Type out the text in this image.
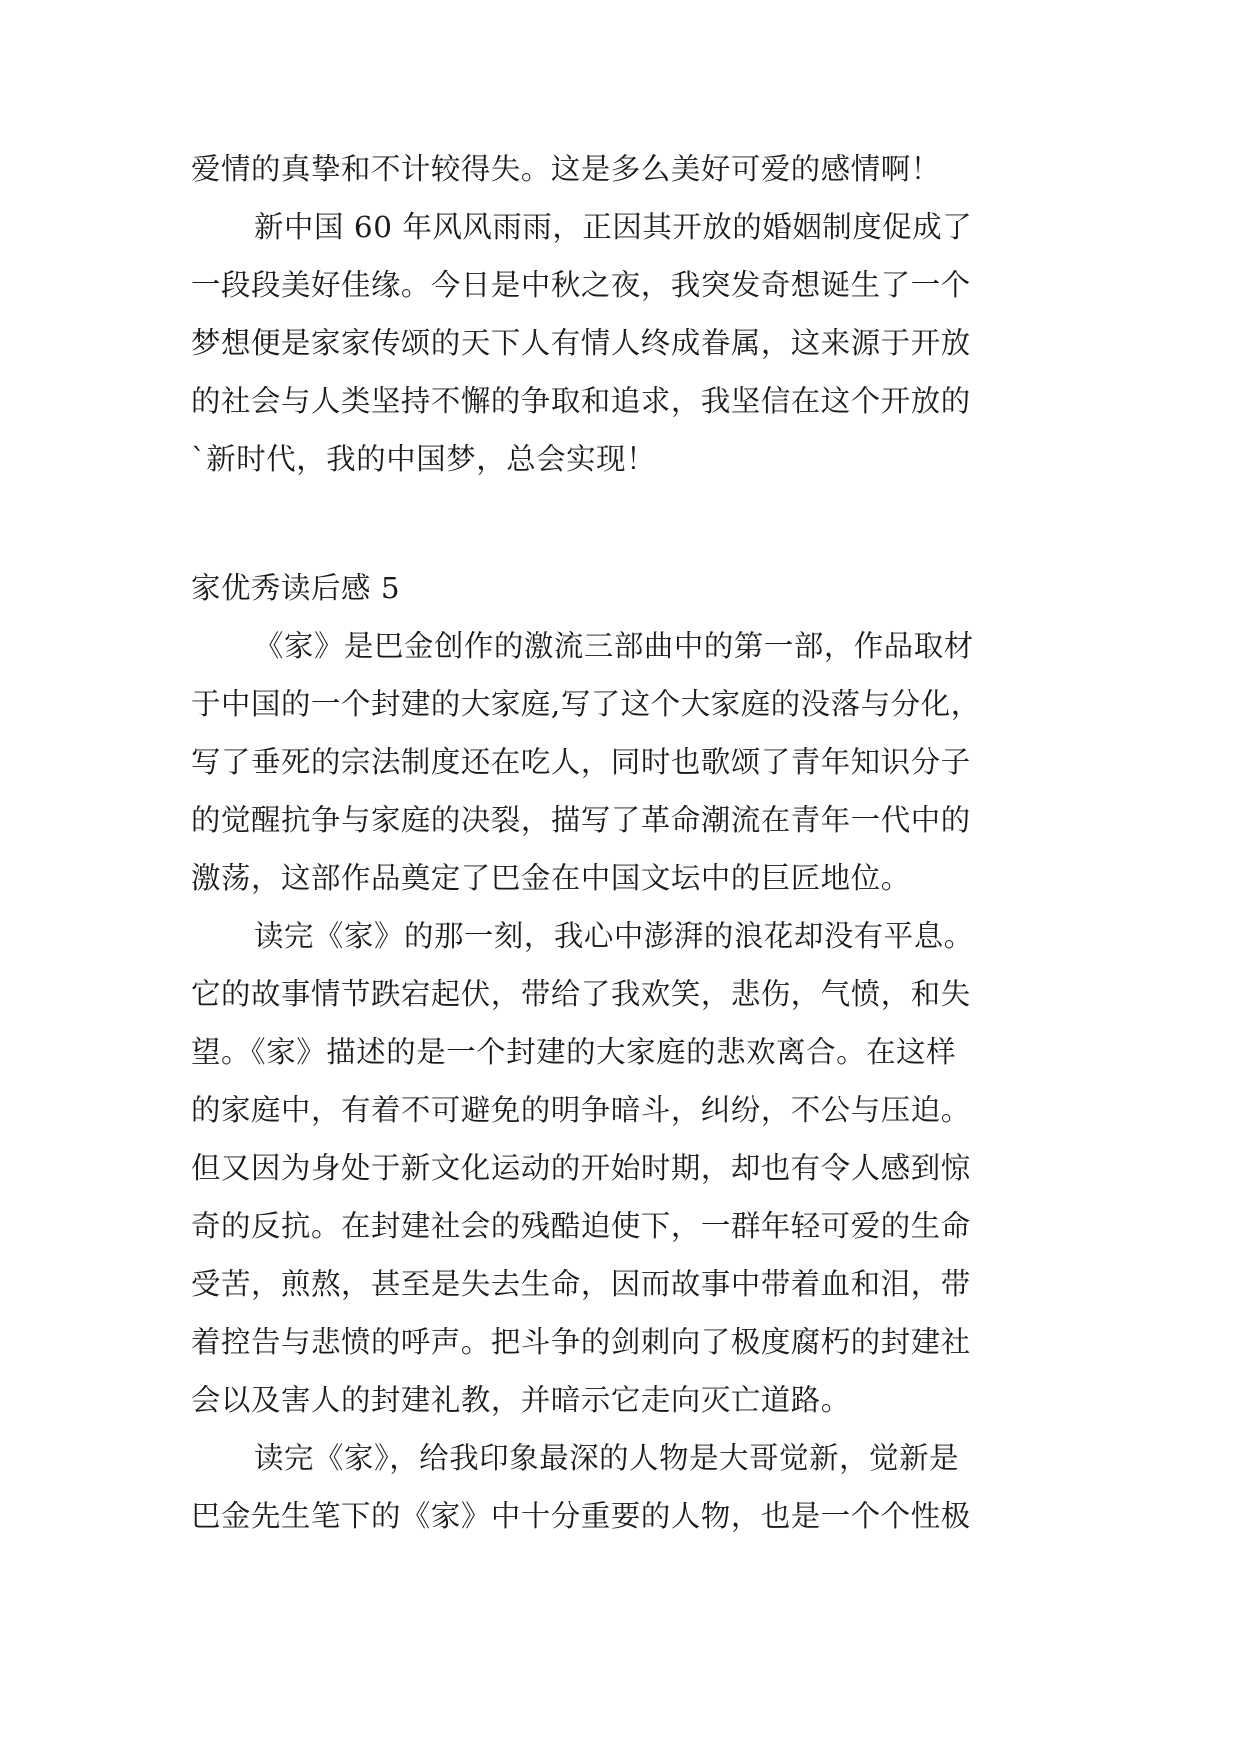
爱情的真挚和不计较得失。这是多么美好可爱的感情啊！
新中国 60 年风风雨雨，正因其开放的婚姻制度促成了
一段段美好佳缘。今日是中秋之夜，我突发奇想诞生了一个
梦想便是家家传颂的天下人有情人终成眷属，这来源于开放
的社会与人类坚持不懈的争取和追求，我坚信在这个开放的
`新时代，我的中国梦，总会实现！
家优秀读后感 5
《家》是巴金创作的激流三部曲中的第一部，作品取材
于中国的一个封建的大家庭,写了这个大家庭的没落与分化，
写了垂死的宗法制度还在吃人，同时也歌颂了青年知识分子
的觉醒抗争与家庭的决裂，描写了革命潮流在青年一代中的
激荡，这部作品奠定了巴金在中国文坛中的巨匠地位。
读完《家》的那一刻，我心中澎湃的浪花却没有平息。
它的故事情节跌宕起伏，带给了我欢笑，悲伤，气愤，和失
望。《家》描述的是一个封建的大家庭的悲欢离合。在这样
的家庭中，有着不可避免的明争暗斗，纠纷，不公与压迫。
但又因为身处于新文化运动的开始时期，却也有令人感到惊
奇的反抗。在封建社会的残酷迫使下，一群年轻可爱的生命
受苦，煎熬，甚至是失去生命，因而故事中带着血和泪，带
着控告与悲愤的呼声。把斗争的剑刺向了极度腐朽的封建社
会以及害人的封建礼教，并暗示它走向灭亡道路。
读完《家》，给我印象最深的人物是大哥觉新，觉新是
巴金先生笔下的《家》中十分重要的人物，也是一个个性极
